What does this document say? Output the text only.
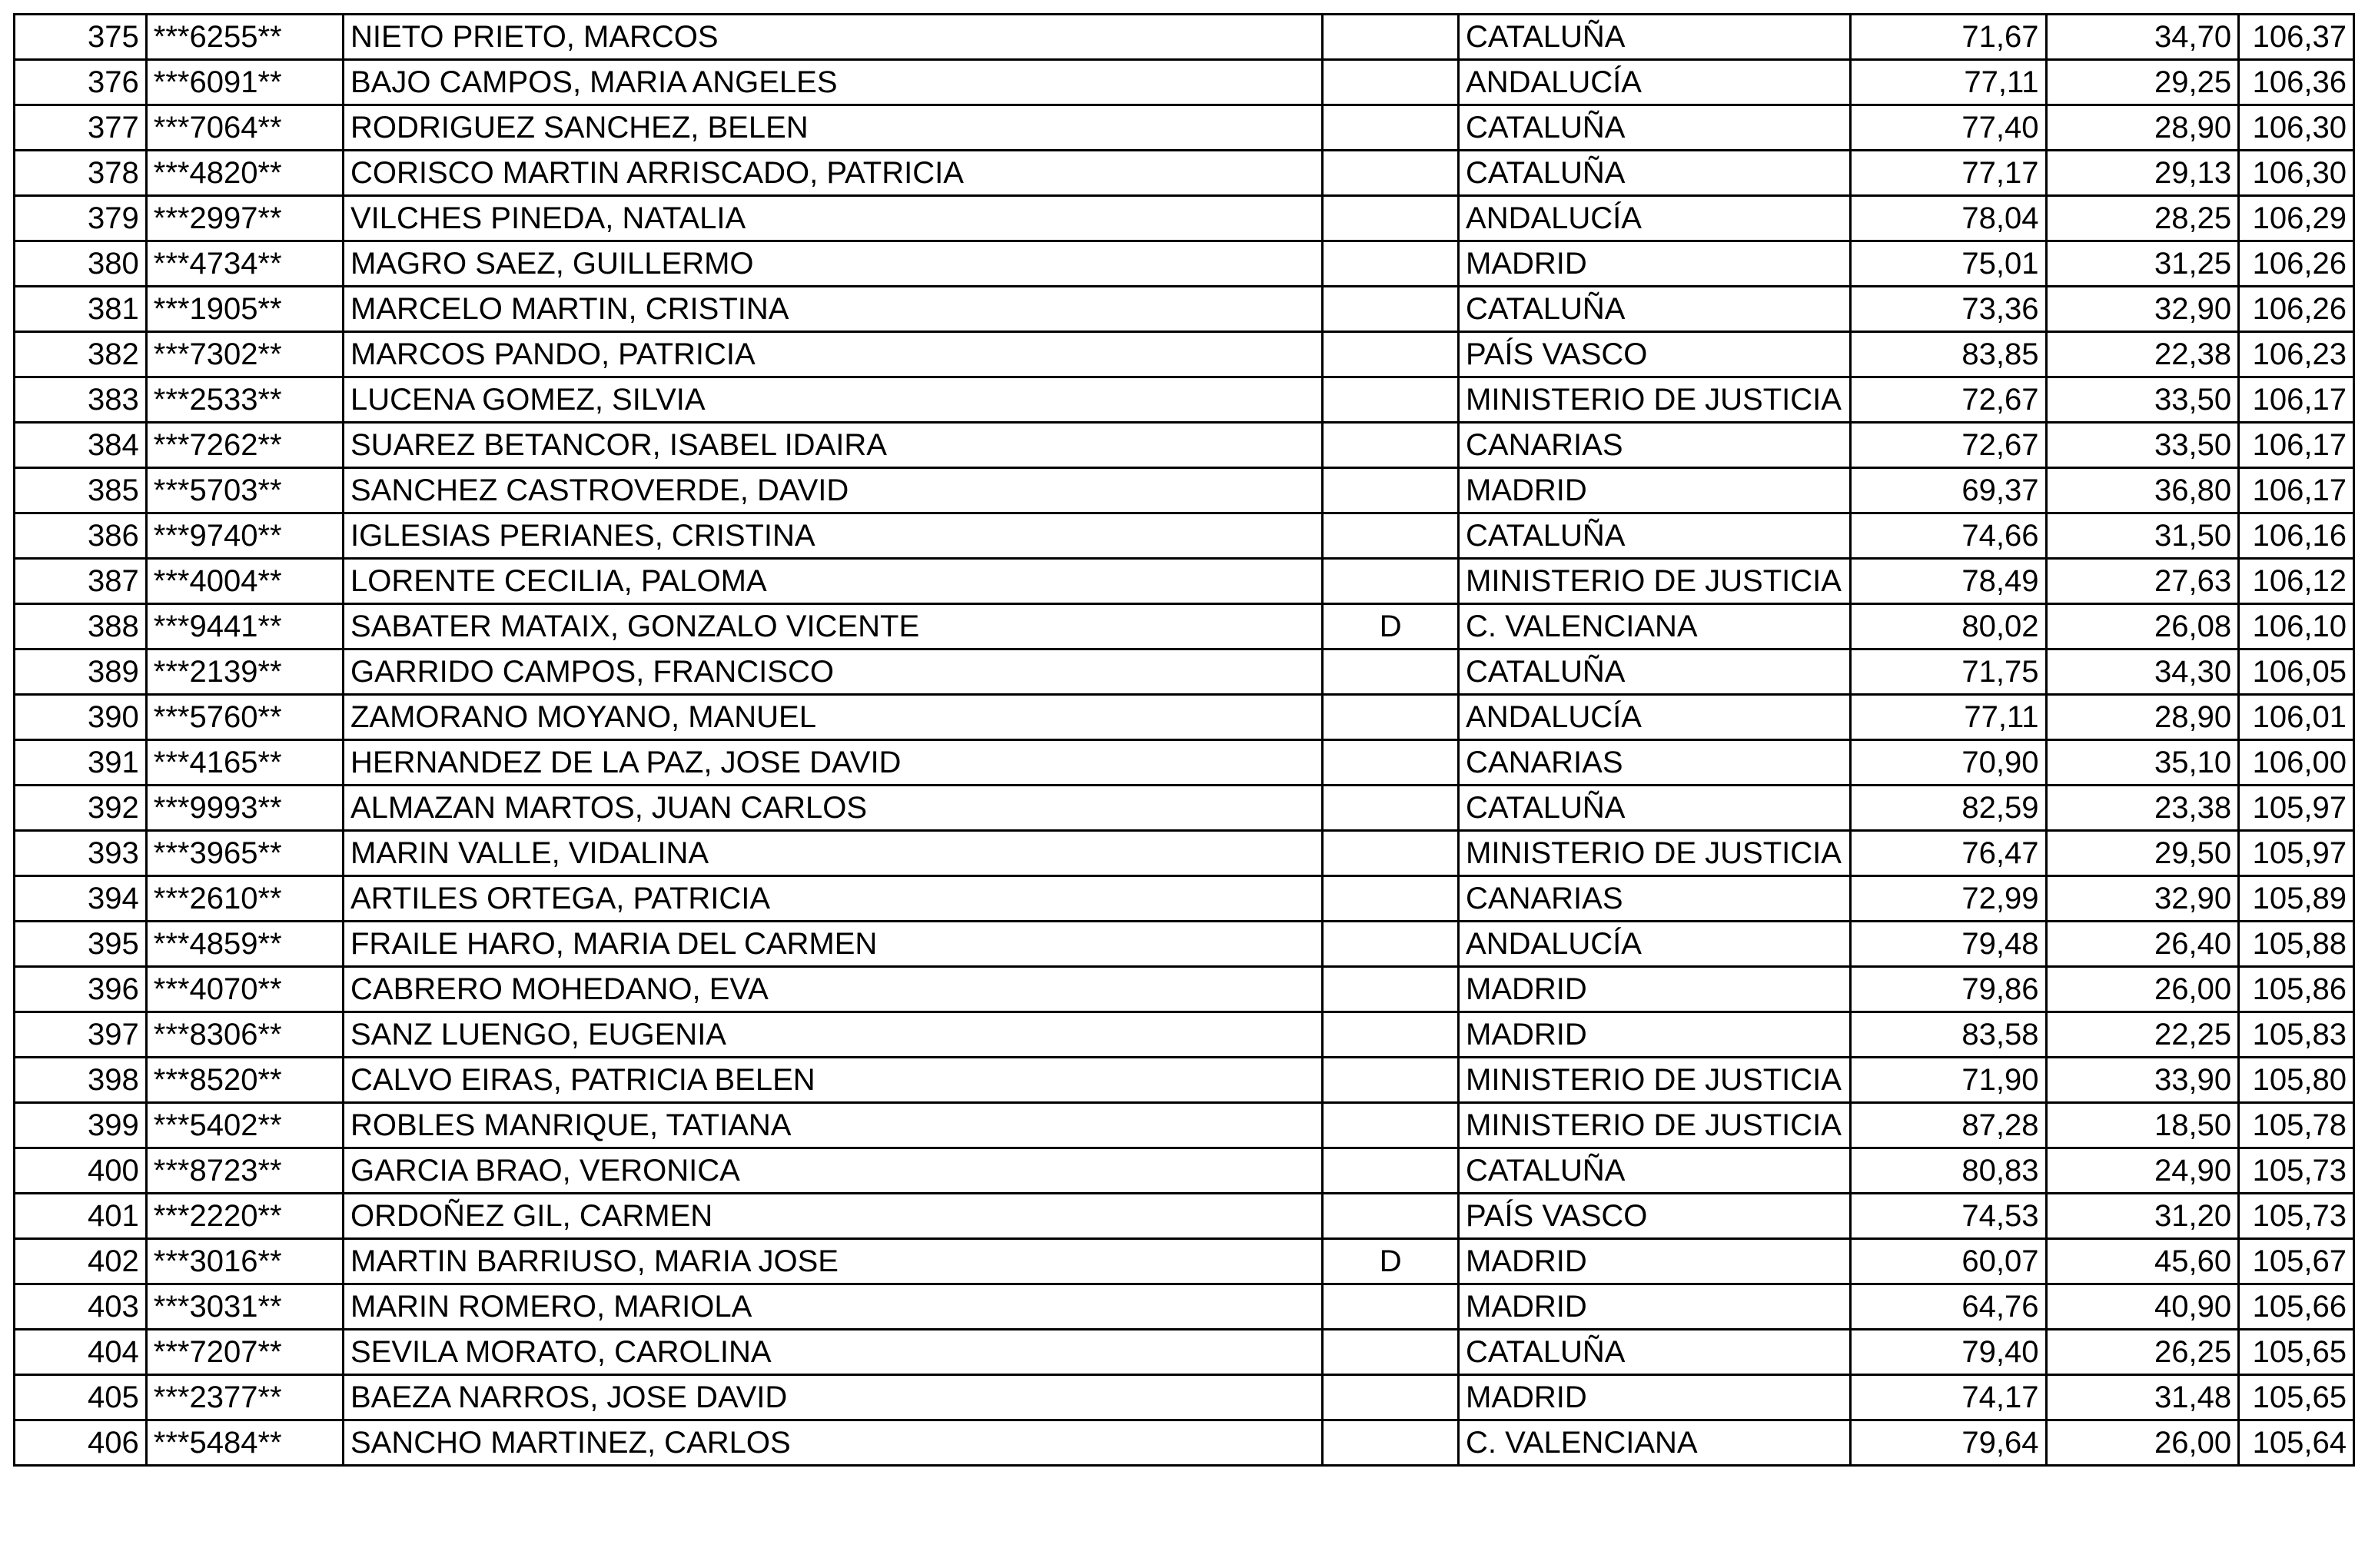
375	***6255**	NIETO PRIETO, MARCOS		CATALUÑA	71,67	34,70	106,37
376	***6091**	BAJO CAMPOS, MARIA ANGELES		ANDALUCÍA	77,11	29,25	106,36
377	***7064**	RODRIGUEZ SANCHEZ, BELEN		CATALUÑA	77,40	28,90	106,30
378	***4820**	CORISCO MARTIN ARRISCADO, PATRICIA		CATALUÑA	77,17	29,13	106,30
379	***2997**	VILCHES PINEDA, NATALIA		ANDALUCÍA	78,04	28,25	106,29
380	***4734**	MAGRO SAEZ, GUILLERMO		MADRID	75,01	31,25	106,26
381	***1905**	MARCELO MARTIN, CRISTINA		CATALUÑA	73,36	32,90	106,26
382	***7302**	MARCOS PANDO, PATRICIA		PAÍS VASCO	83,85	22,38	106,23
383	***2533**	LUCENA GOMEZ, SILVIA		MINISTERIO DE JUSTICIA	72,67	33,50	106,17
384	***7262**	SUAREZ BETANCOR, ISABEL IDAIRA		CANARIAS	72,67	33,50	106,17
385	***5703**	SANCHEZ CASTROVERDE, DAVID		MADRID	69,37	36,80	106,17
386	***9740**	IGLESIAS PERIANES, CRISTINA		CATALUÑA	74,66	31,50	106,16
387	***4004**	LORENTE CECILIA, PALOMA		MINISTERIO DE JUSTICIA	78,49	27,63	106,12
388	***9441**	SABATER MATAIX, GONZALO VICENTE	D	C. VALENCIANA	80,02	26,08	106,10
389	***2139**	GARRIDO CAMPOS, FRANCISCO		CATALUÑA	71,75	34,30	106,05
390	***5760**	ZAMORANO MOYANO, MANUEL		ANDALUCÍA	77,11	28,90	106,01
391	***4165**	HERNANDEZ DE LA PAZ, JOSE DAVID		CANARIAS	70,90	35,10	106,00
392	***9993**	ALMAZAN MARTOS, JUAN CARLOS		CATALUÑA	82,59	23,38	105,97
393	***3965**	MARIN VALLE, VIDALINA		MINISTERIO DE JUSTICIA	76,47	29,50	105,97
394	***2610**	ARTILES ORTEGA, PATRICIA		CANARIAS	72,99	32,90	105,89
395	***4859**	FRAILE HARO, MARIA DEL CARMEN		ANDALUCÍA	79,48	26,40	105,88
396	***4070**	CABRERO MOHEDANO, EVA		MADRID	79,86	26,00	105,86
397	***8306**	SANZ LUENGO, EUGENIA		MADRID	83,58	22,25	105,83
398	***8520**	CALVO EIRAS, PATRICIA BELEN		MINISTERIO DE JUSTICIA	71,90	33,90	105,80
399	***5402**	ROBLES MANRIQUE, TATIANA		MINISTERIO DE JUSTICIA	87,28	18,50	105,78
400	***8723**	GARCIA BRAO, VERONICA		CATALUÑA	80,83	24,90	105,73
401	***2220**	ORDOÑEZ GIL, CARMEN		PAÍS VASCO	74,53	31,20	105,73
402	***3016**	MARTIN BARRIUSO, MARIA JOSE	D	MADRID	60,07	45,60	105,67
403	***3031**	MARIN ROMERO, MARIOLA		MADRID	64,76	40,90	105,66
404	***7207**	SEVILA MORATO, CAROLINA		CATALUÑA	79,40	26,25	105,65
405	***2377**	BAEZA NARROS, JOSE DAVID		MADRID	74,17	31,48	105,65
406	***5484**	SANCHO MARTINEZ, CARLOS		C. VALENCIANA	79,64	26,00	105,64
